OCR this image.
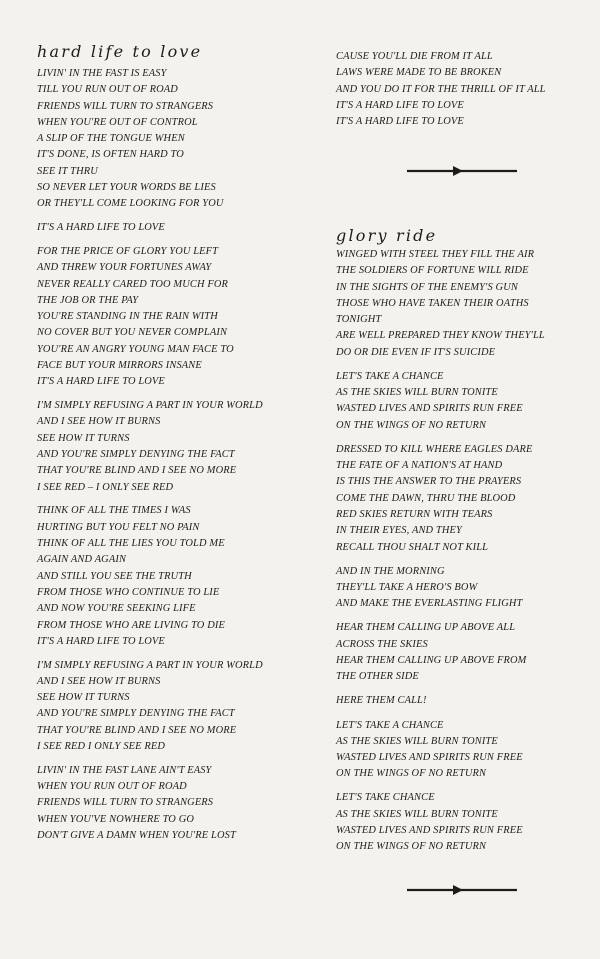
hard life to love
LIVIN' IN THE FAST IS EASY
TILL YOU RUN OUT OF ROAD
FRIENDS WILL TURN TO STRANGERS
WHEN YOU'RE OUT OF CONTROL
A SLIP OF THE TONGUE WHEN
IT'S DONE, IS OFTEN HARD TO
SEE IT THRU
SO NEVER LET YOUR WORDS BE LIES
OR THEY'LL COME LOOKING FOR YOU
IT'S A HARD LIFE TO LOVE
FOR THE PRICE OF GLORY YOU LEFT
AND THREW YOUR FORTUNES AWAY
NEVER REALLY CARED TOO MUCH FOR
THE JOB OR THE PAY
YOU'RE STANDING IN THE RAIN WITH
NO COVER BUT YOU NEVER COMPLAIN
YOU'RE AN ANGRY YOUNG MAN FACE TO
FACE BUT YOUR MIRRORS INSANE
IT'S A HARD LIFE TO LOVE
I'M SIMPLY REFUSING A PART IN YOUR WORLD
AND I SEE HOW IT BURNS
SEE HOW IT TURNS
AND YOU'RE SIMPLY DENYING THE FACT
THAT YOU'RE BLIND AND I SEE NO MORE
I SEE RED – I ONLY SEE RED
THINK OF ALL THE TIMES I WAS
HURTING BUT YOU FELT NO PAIN
THINK OF ALL THE LIES YOU TOLD ME
AGAIN AND AGAIN
AND STILL YOU SEE THE TRUTH
FROM THOSE WHO CONTINUE TO LIE
AND NOW YOU'RE SEEKING LIFE
FROM THOSE WHO ARE LIVING TO DIE
IT'S A HARD LIFE TO LOVE
I'M SIMPLY REFUSING A PART IN YOUR WORLD
AND I SEE HOW IT BURNS
SEE HOW IT TURNS
AND YOU'RE SIMPLY DENYING THE FACT
THAT YOU'RE BLIND AND I SEE NO MORE
I SEE RED I ONLY SEE RED
LIVIN' IN THE FAST LANE AIN'T EASY
WHEN YOU RUN OUT OF ROAD
FRIENDS WILL TURN TO STRANGERS
WHEN YOU'VE NOWHERE TO GO
DON'T GIVE A DAMN WHEN YOU'RE LOST
CAUSE YOU'LL DIE FROM IT ALL
LAWS WERE MADE TO BE BROKEN
AND YOU DO IT FOR THE THRILL OF IT ALL
IT'S A HARD LIFE TO LOVE
IT'S A HARD LIFE TO LOVE
glory ride
WINGED WITH STEEL THEY FILL THE AIR
THE SOLDIERS OF FORTUNE WILL RIDE
IN THE SIGHTS OF THE ENEMY'S GUN
THOSE WHO HAVE TAKEN THEIR OATHS
TONIGHT
ARE WELL PREPARED THEY KNOW THEY'LL
DO OR DIE EVEN IF IT'S SUICIDE
LET'S TAKE A CHANCE
AS THE SKIES WILL BURN TONITE
WASTED LIVES AND SPIRITS RUN FREE
ON THE WINGS OF NO RETURN
DRESSED TO KILL WHERE EAGLES DARE
THE FATE OF A NATION'S AT HAND
IS THIS THE ANSWER TO THE PRAYERS
COME THE DAWN, THRU THE BLOOD
RED SKIES RETURN WITH TEARS
IN THEIR EYES, AND THEY
RECALL THOU SHALT NOT KILL
AND IN THE MORNING
THEY'LL TAKE A HERO'S BOW
AND MAKE THE EVERLASTING FLIGHT
HEAR THEM CALLING UP ABOVE ALL
ACROSS THE SKIES
HEAR THEM CALLING UP ABOVE FROM
THE OTHER SIDE
HERE THEM CALL!
LET'S TAKE A CHANCE
AS THE SKIES WILL BURN TONITE
WASTED LIVES AND SPIRITS RUN FREE
ON THE WINGS OF NO RETURN
LET'S TAKE CHANCE
AS THE SKIES WILL BURN TONITE
WASTED LIVES AND SPIRITS RUN FREE
ON THE WINGS OF NO RETURN
